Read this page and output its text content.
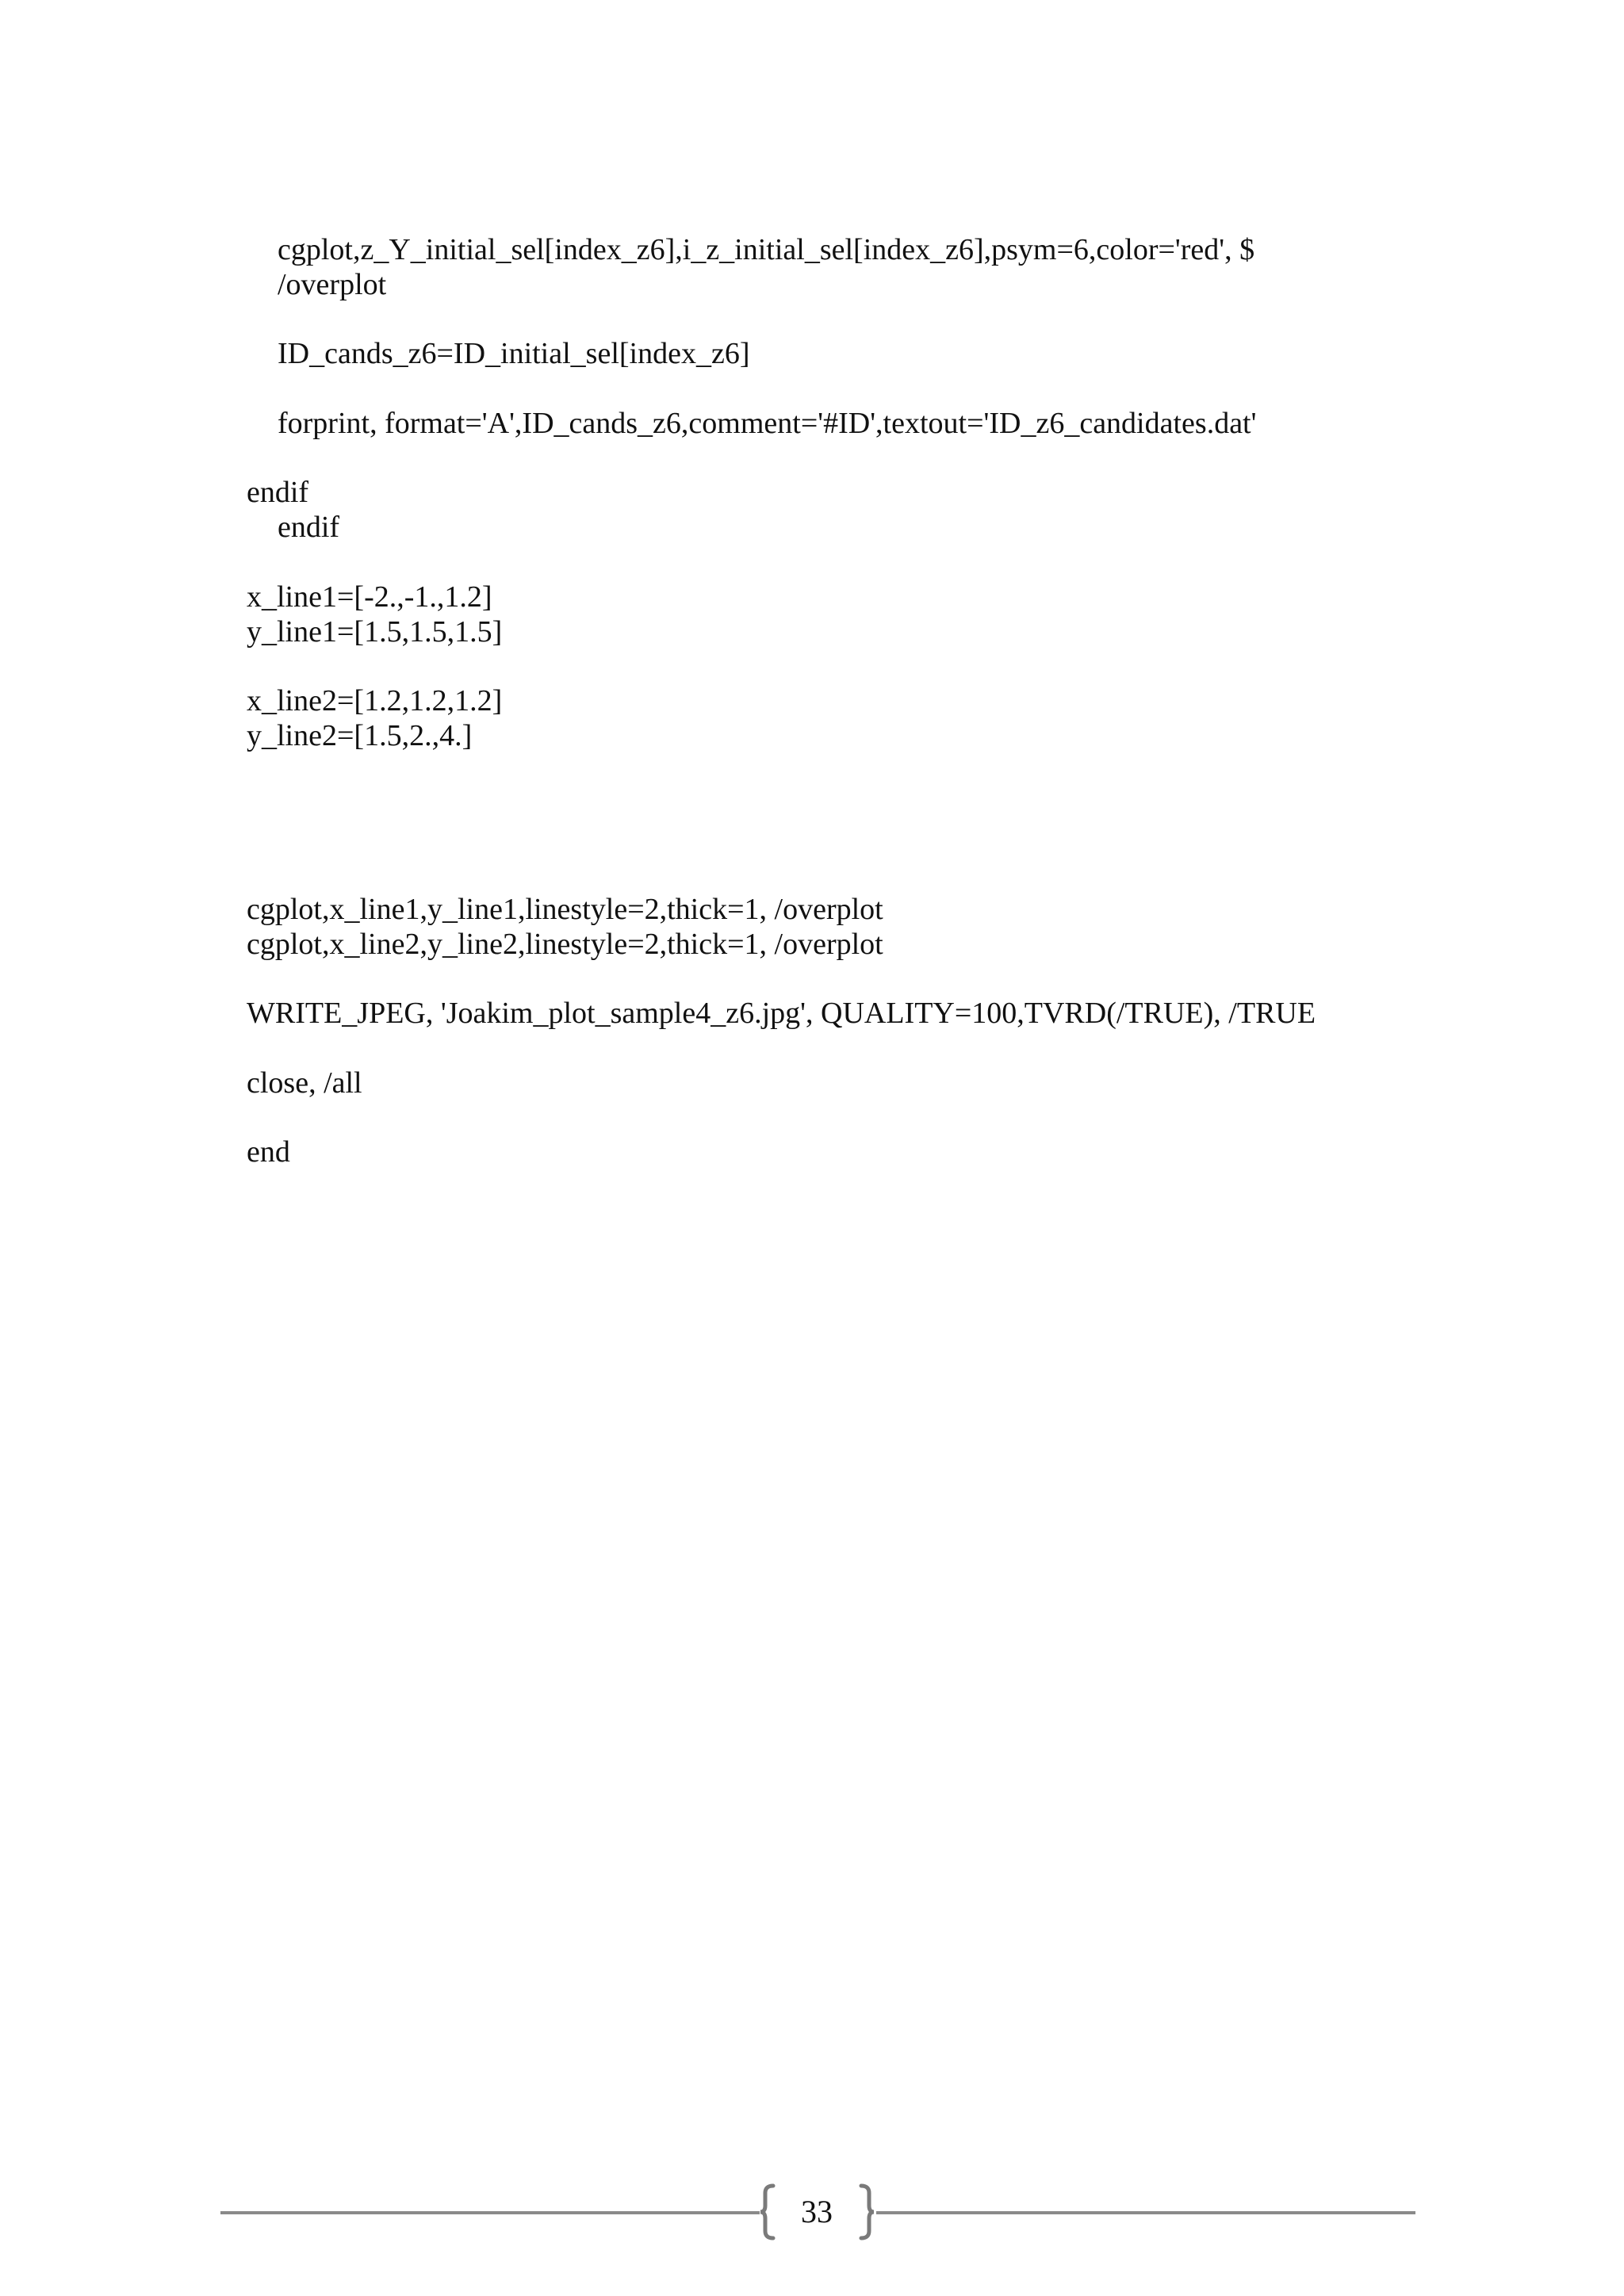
cgplot,z_Y_initial_sel[index_z6],i_z_initial_sel[index_z6],psym=6,color='red', $
/overplot
ID_cands_z6=ID_initial_sel[index_z6]
forprint, format='A',ID_cands_z6,comment='#ID',textout='ID_z6_candidates.dat'
endif
endif
x_line1=[-2.,-1.,1.2]
y_line1=[1.5,1.5,1.5]
x_line2=[1.2,1.2,1.2]
y_line2=[1.5,2.,4.]
cgplot,x_line1,y_line1,linestyle=2,thick=1, /overplot
cgplot,x_line2,y_line2,linestyle=2,thick=1, /overplot
WRITE_JPEG, 'Joakim_plot_sample4_z6.jpg', QUALITY=100,TVRD(/TRUE), /TRUE
close, /all
end
33
